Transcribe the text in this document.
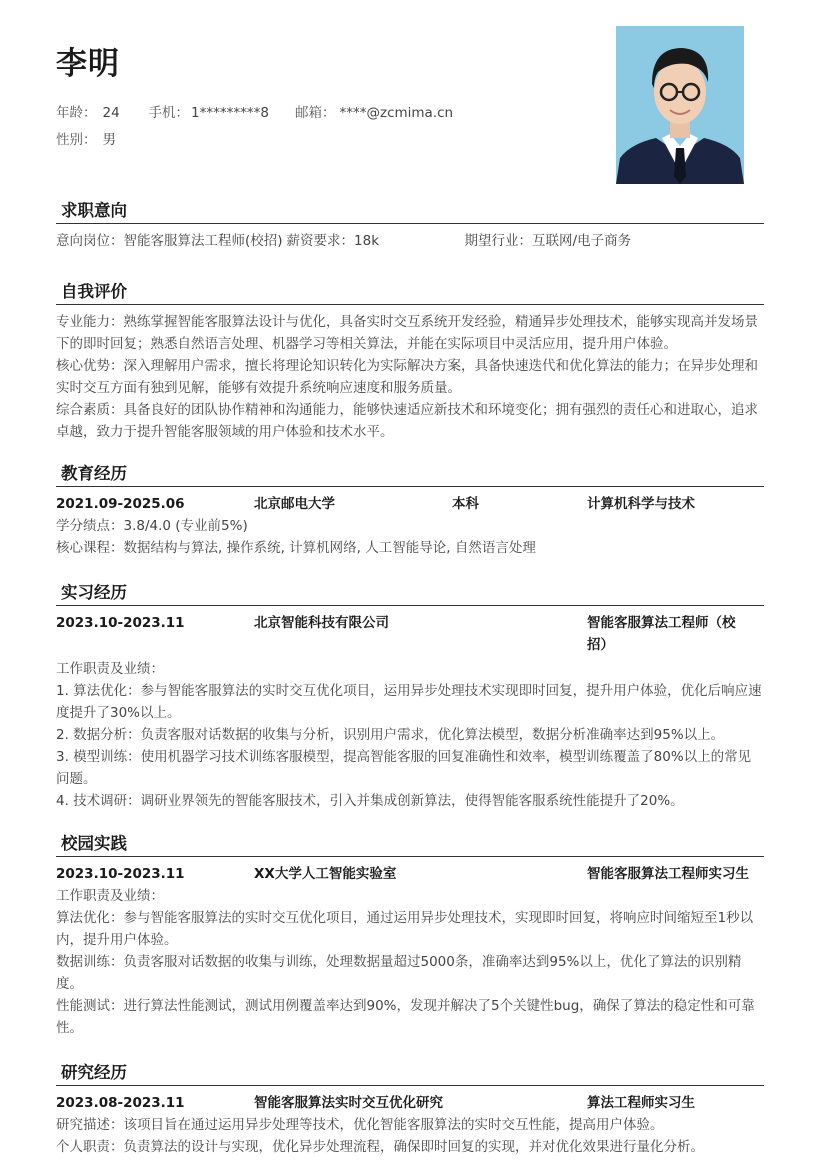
李明
年龄： 24 手机： 1*********8 邮箱： ****@zcmima.cn
性别： 男
求职意向
意向岗位：智能客服算法工程师(校招) 薪资要求：18k	期望行业：互联网/电子商务
自我评价
专业能力：熟练掌握智能客服算法设计与优化，具备实时交互系统开发经验，精通异步处理技术，能够实现高并发场景下的即时回复；熟悉自然语言处理、机器学习等相关算法，并能在实际项目中灵活应用，提升用户体验。
核心优势：深入理解用户需求，擅长将理论知识转化为实际解决方案，具备快速迭代和优化算法的能力；在异步处理和实时交互方面有独到见解，能够有效提升系统响应速度和服务质量。
综合素质：具备良好的团队协作精神和沟通能力，能够快速适应新技术和环境变化；拥有强烈的责任心和进取心，追求卓越，致力于提升智能客服领域的用户体验和技术水平。
教育经历
2021.09-2025.06	北京邮电大学	本科	计算机科学与技术
学分绩点：3.8/4.0 (专业前5%)
核心课程：数据结构与算法, 操作系统, 计算机网络, 人工智能导论, 自然语言处理
实习经历
2023.10-2023.11	北京智能科技有限公司	智能客服算法工程师（校招）
工作职责及业绩：
1. 算法优化：参与智能客服算法的实时交互优化项目，运用异步处理技术实现即时回复，提升用户体验，优化后响应速度提升了30%以上。
2. 数据分析：负责客服对话数据的收集与分析，识别用户需求，优化算法模型，数据分析准确率达到95%以上。
3. 模型训练：使用机器学习技术训练客服模型，提高智能客服的回复准确性和效率，模型训练覆盖了80%以上的常见问题。
4. 技术调研：调研业界领先的智能客服技术，引入并集成创新算法，使得智能客服系统性能提升了20%。
校园实践
2023.10-2023.11	XX大学人工智能实验室	智能客服算法工程师实习生
工作职责及业绩：
算法优化：参与智能客服算法的实时交互优化项目，通过运用异步处理技术，实现即时回复，将响应时间缩短至1秒以内，提升用户体验。
数据训练：负责客服对话数据的收集与训练，处理数据量超过5000条，准确率达到95%以上，优化了算法的识别精度。
性能测试：进行算法性能测试，测试用例覆盖率达到90%，发现并解决了5个关键性bug，确保了算法的稳定性和可靠性。
研究经历
2023.08-2023.11	智能客服算法实时交互优化研究	算法工程师实习生
研究描述：该项目旨在通过运用异步处理等技术，优化智能客服算法的实时交互性能，提高用户体验。
个人职责：负责算法的设计与实现，优化异步处理流程，确保即时回复的实现，并对优化效果进行量化分析。
